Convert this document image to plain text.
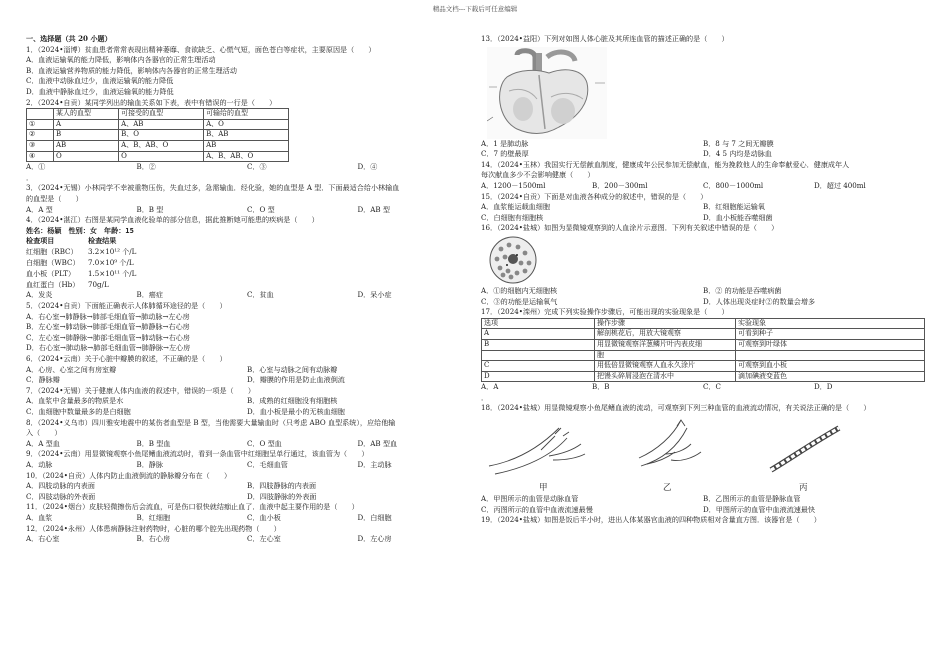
精品文档---下载后可任意编辑
一、选择题（共 20 小题）
1．（2024•淄博）贫血患者常常表现出精神萎靡、食欲缺乏、心慌气短，面色苍白等症状，主要原因是（　　）
A．血液运输氧的能力降低，影响体内各器官的正常生理活动
B．血液运输营养物质的能力降低，影响体内各器官的正常生理活动
C．血液中动脉血过少，血液运输氧的能力降低
D．血液中静脉血过少，血液运输氧的能力降低
2．（2024•自贡）某同学列出的输血关系如下表，表中有错误的一行是（　　）
	某人的血型	可接受的血型	可输给的血型
①	A	A、AB	A、O
②	B	B、O	B、AB
③	AB	A、B、AB、O	AB
④	O	O	A、B、AB、O
A．①	B．②	C．③	D．④
．
3．（2024•无锡）小林同学不幸被重物压伤，失血过多，急需输血．经化验，她的血型是 A 型．下面最适合给小林输血
的血型是（　　）
A．A 型	B．B 型	C．O 型	D．AB 型
4．（2024•湛江）右图是某同学血液化验单的部分信息，据此推断她可能患的疾病是（　　）
姓名：杨颖　性别：女　年龄：15
检查项目	检查结果
红细胞（RBC） 3.2×10¹² 个/L
白细胞（WBC） 7.0×10⁹ 个/L
血小板（PLT） 1.5×10¹¹ 个/L
血红蛋白（Hb） 70g/L
A．发炎	B．癌症	C．贫血	D．呆小症
5．（2024•自贡）下面能正确表示人体肺循环途径的是（　　）
A．右心室→肺静脉→肺部毛细血管→肺动脉→左心房
B．左心室→肺动脉→肺部毛细血管→肺静脉→右心房
C．左心室→肺静脉→肺部毛细血管→肺动脉→右心房
D．右心室→肺动脉→肺部毛细血管→肺静脉→左心房
6．（2024•云南）关于心脏中瓣膜的叙述，不正确的是（　　）
A．心房、心室之间有房室瓣	B．心室与动脉之间有动脉瓣
C．静脉瓣	D．瓣膜的作用是防止血液倒流
7．（2024•无锡）关于健康人体内血液的叙述中，错误的一项是（　　）
A．血浆中含量最多的物质是水	B．成熟的红细胞没有细胞核
C．血细胞中数量最多的是白细胞	D．血小板是最小的无核血细胞
8．（2024•义乌市）四川雅安地震中的某伤者血型是 B 型，当他需要大量输血时（只考虑 ABO 血型系统），应给他输
入（　　）
A．A 型血	B．B 型血	C．O 型血	D．AB 型血
9．（2024•云南）用显微镜观察小鱼尾鳍血液流动时，看到一条血管中红细胞呈单行通过，该血管为（　　）
A．动脉	B．静脉	C．毛细血管	D．主动脉
10．（2024•自贡）人体内防止血液倒流的静脉瓣分布在（　　）
A．四肢动脉的内表面	B．四肢静脉的内表面
C．四肢动脉的外表面	D．四肢静脉的外表面
11．（2024•烟台）皮肤轻微擦伤后会流血，可是伤口很快就结痂止血了．血液中起主要作用的是（　　）
A．血浆	B．红细胞	C．血小板	D．白细胞
12．（2024•永州）人体患病静脉注射药物时，心脏的哪个腔先出现药物（　　）
A．右心室	B．右心房	C．左心室	D．左心房
13．（2024•益阳）下列对如图人体心脏及其所连血管的描述正确的是（　　）
A．1 是肺动脉	B．8 与 7 之间无瓣膜
C．7 的壁最厚	D．4 5 内均是动脉血
14．（2024•玉林）我国实行无偿献血制度，健康成年公民参加无偿献血，能为挽救他人的生命奉献爱心．健康成年人
每次献血多少不会影响健康（　　）
A．1200－1500ml	B．200－300ml	C．800－1000ml	D．超过 400ml
15．（2024•自贡）下面是对血液各种成分的叙述中，错误的是（　　）
A．血浆能运载血细胞	B．红细胞能运输氧
C．白细胞有细胞核	D．血小板能吞噬细菌
16．（2024•盐城）如图为显微镜观察到的人血涂片示意图．下列有关叙述中错误的是（　　）
A．①的细胞内无细胞核	B．② 的功能是吞噬病菌
C．③的功能是运输氧气	D．人体出现炎症时②的数量会增多
17．（2024•滦州）完成下列实验操作步骤后，可能出现的实验现象是（　　）
选项	操作步骤	实验现象
A	解剖桃花后，用放大镜观察	可看到种子
B	用显微镜观察洋葱鳞片叶内表皮细	可观察到叶绿体
	胞	
C	用低倍显微镜观察人血永久涂片	可观察到血小板
D	把馒头碎屑浸泡在清水中	滴加碘液变蓝色
A．A	B．B	C．C	D．D
．
18．（2024•盐城）用显微镜观察小鱼尾鳍血液的流动，可观察到下列三种血管的血液流动情况，有关说法正确的是（　　）
甲	乙	丙
A．甲图所示的血管是动脉血管	B．乙图所示的血管是静脉血管
C．丙图所示的血管中血液流速最慢	D．甲图所示的血管中血液流速最快
19．（2024•盐城）如图是饭后半小时，进出人体某器官血液的四种物质相对含量直方图．该器官是（　　）
